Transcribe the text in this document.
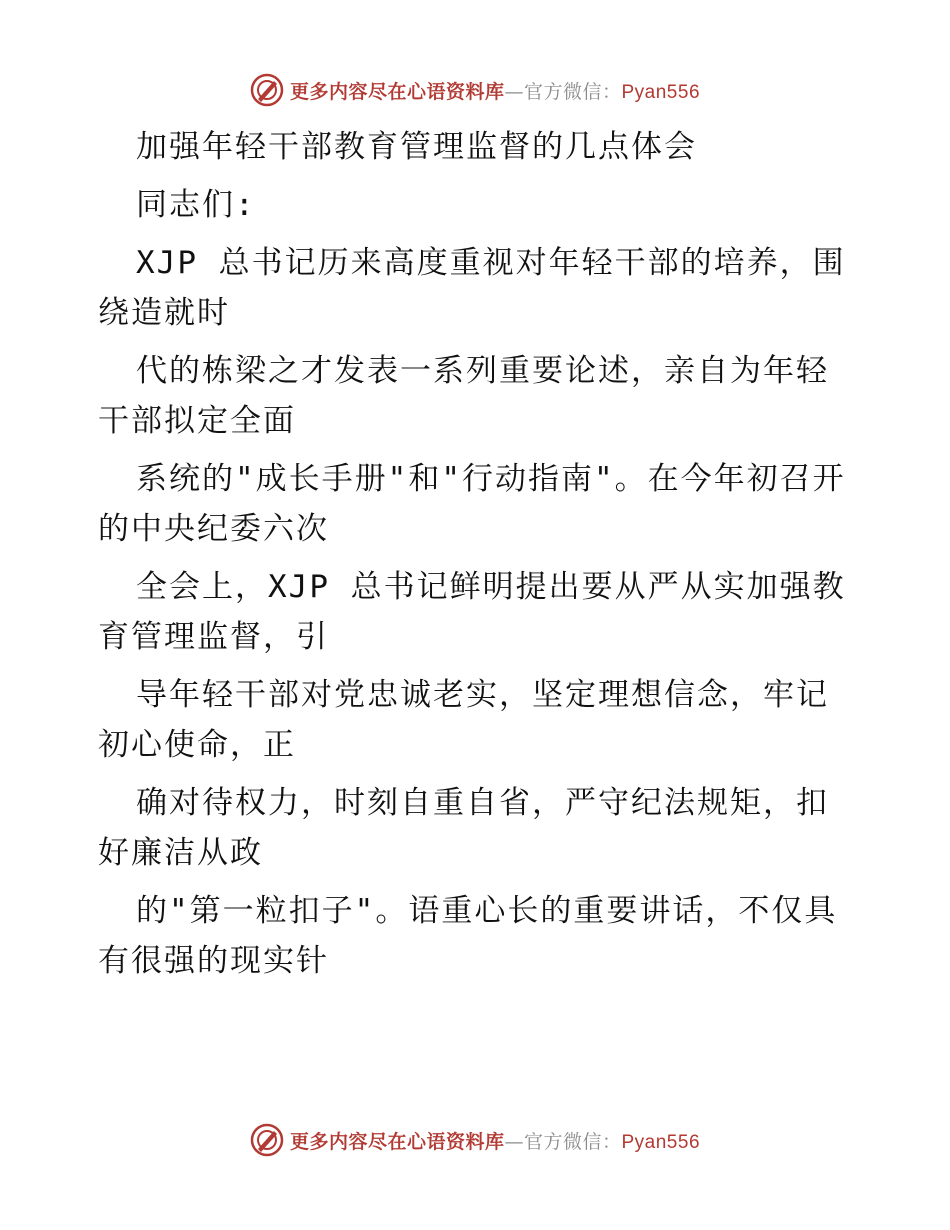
更多内容尽在心语资料库—官方微信：Pyan556
加强年轻干部教育管理监督的几点体会
同志们:
XJP 总书记历来高度重视对年轻干部的培养，围
绕造就时
代的栋梁之才发表一系列重要论述，亲自为年轻
干部拟定全面
系统的"成长手册"和"行动指南"。在今年初召开
的中央纪委六次
全会上，XJP 总书记鲜明提出要从严从实加强教
育管理监督，引
导年轻干部对党忠诚老实，坚定理想信念，牢记
初心使命，正
确对待权力，时刻自重自省，严守纪法规矩，扣
好廉洁从政
的"第一粒扣子"。语重心长的重要讲话，不仅具
有很强的现实针
更多内容尽在心语资料库—官方微信：Pyan556
